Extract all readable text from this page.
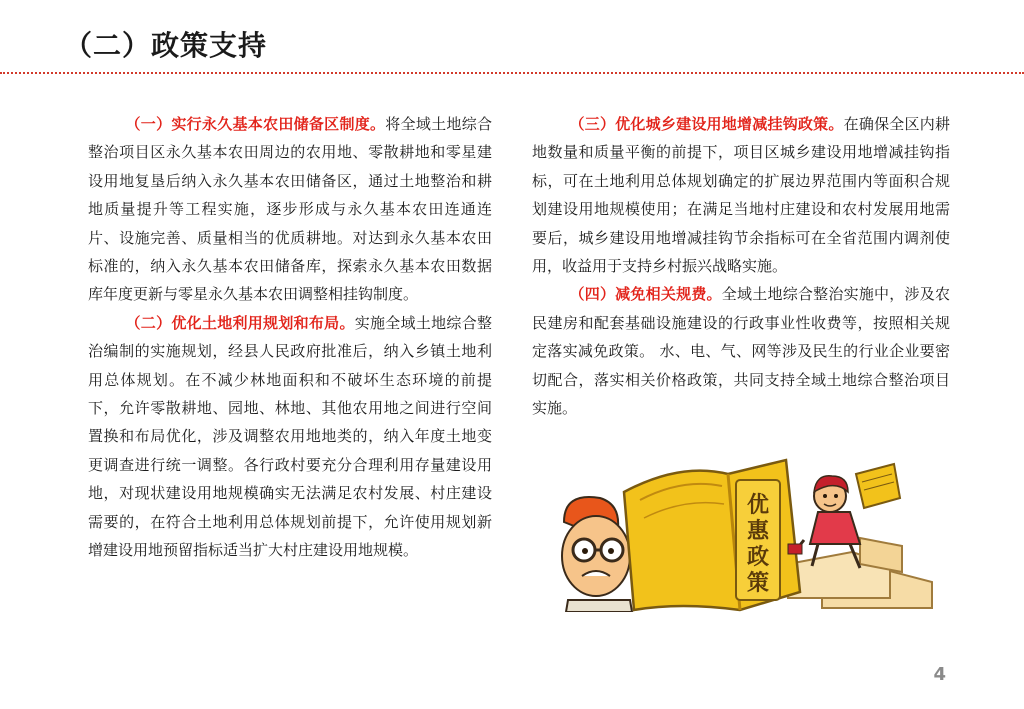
（二）政策支持

（一）实行永久基本农田储备区制度。将全域土地综合整治项目区永久基本农田周边的农用地、零散耕地和零星建设用地复垦后纳入永久基本农田储备区，通过土地整治和耕地质量提升等工程实施，逐步形成与永久基本农田连通连片、设施完善、质量相当的优质耕地。对达到永久基本农田标准的，纳入永久基本农田储备库，探索永久基本农田数据库年度更新与零星永久基本农田调整相挂钩制度。

（二）优化土地利用规划和布局。实施全域土地综合整治编制的实施规划，经县人民政府批准后，纳入乡镇土地利用总体规划。在不减少林地面积和不破坏生态环境的前提下，允许零散耕地、园地、林地、其他农用地之间进行空间置换和布局优化，涉及调整农用地地类的，纳入年度土地变更调查进行统一调整。各行政村要充分合理利用存量建设用地，对现状建设用地规模确实无法满足农村发展、村庄建设需要的，在符合土地利用总体规划前提下，允许使用规划新增建设用地预留指标适当扩大村庄建设用地规模。

（三）优化城乡建设用地增减挂钩政策。在确保全区内耕地数量和质量平衡的前提下，项目区城乡建设用地增减挂钩指标，可在土地利用总体规划确定的扩展边界范围内等面积合规划建设用地规模使用；在满足当地村庄建设和农村发展用地需要后，城乡建设用地增减挂钩节余指标可在全省范围内调剂使用，收益用于支持乡村振兴战略实施。

（四）减免相关规费。全域土地综合整治实施中，涉及农民建房和配套基础设施建设的行政事业性收费等，按照相关规定落实减免政策。 水、电、气、网等涉及民生的行业企业要密切配合，落实相关价格政策，共同支持全域土地综合整治项目实施。

优
惠
政
策
4
